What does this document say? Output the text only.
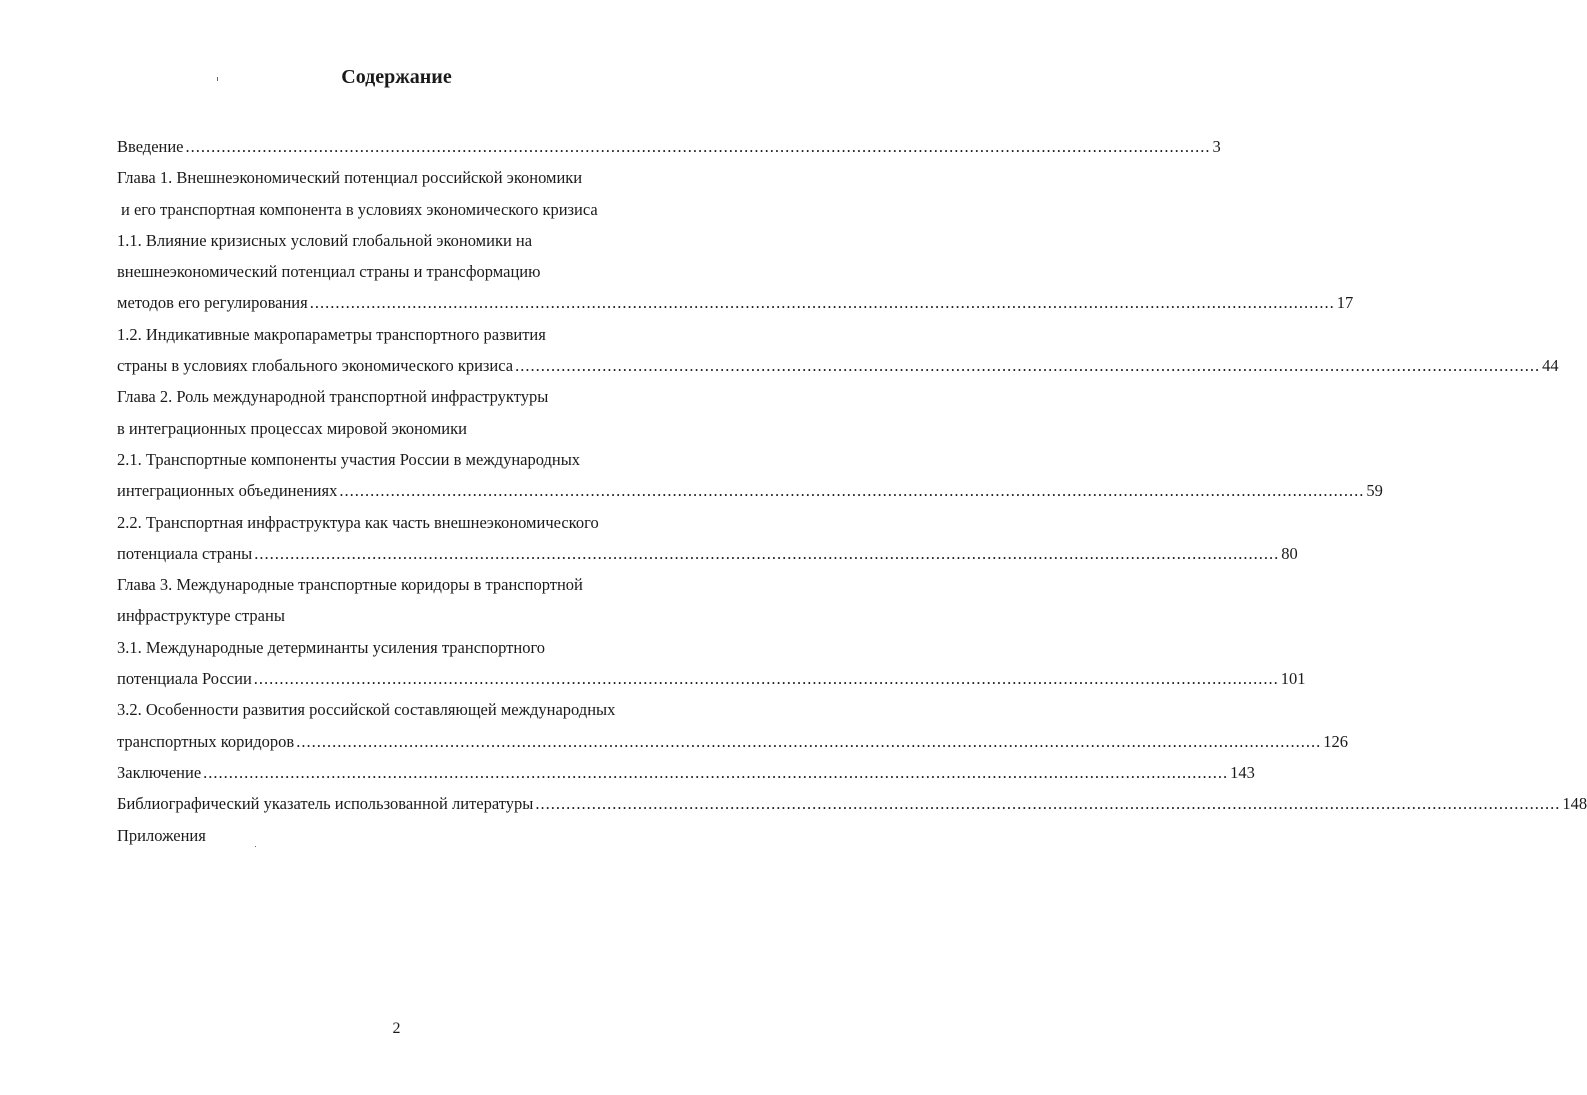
Содержание
Введение ........................................................................................................................................................................................................ 3
Глава 1. Внешнеэкономический потенциал российской экономики
и его транспортная компонента в условиях экономического кризиса
1.1. Влияние кризисных условий глобальной экономики на
внешнеэкономический потенциал страны и трансформацию
методов его регулирования ........................................................................................................................................................................................................ 17
1.2. Индикативные макропараметры транспортного развития
страны в условиях глобального экономического кризиса ........................................................................................................................................................................................................ 44
Глава 2. Роль международной транспортной инфраструктуры
в интеграционных процессах мировой экономики
2.1. Транспортные компоненты участия России в международных
интеграционных объединениях ........................................................................................................................................................................................................ 59
2.2. Транспортная инфраструктура как часть внешнеэкономического
потенциала страны ........................................................................................................................................................................................................ 80
Глава 3. Международные транспортные коридоры в транспортной
инфраструктуре страны
3.1. Международные детерминанты усиления транспортного
потенциала России ........................................................................................................................................................................................................ 101
3.2. Особенности развития российской составляющей международных
транспортных коридоров ........................................................................................................................................................................................................ 126
Заключение ........................................................................................................................................................................................................ 143
Библиографический указатель использованной литературы ........................................................................................................................................................................................................ 148
Приложения
2
